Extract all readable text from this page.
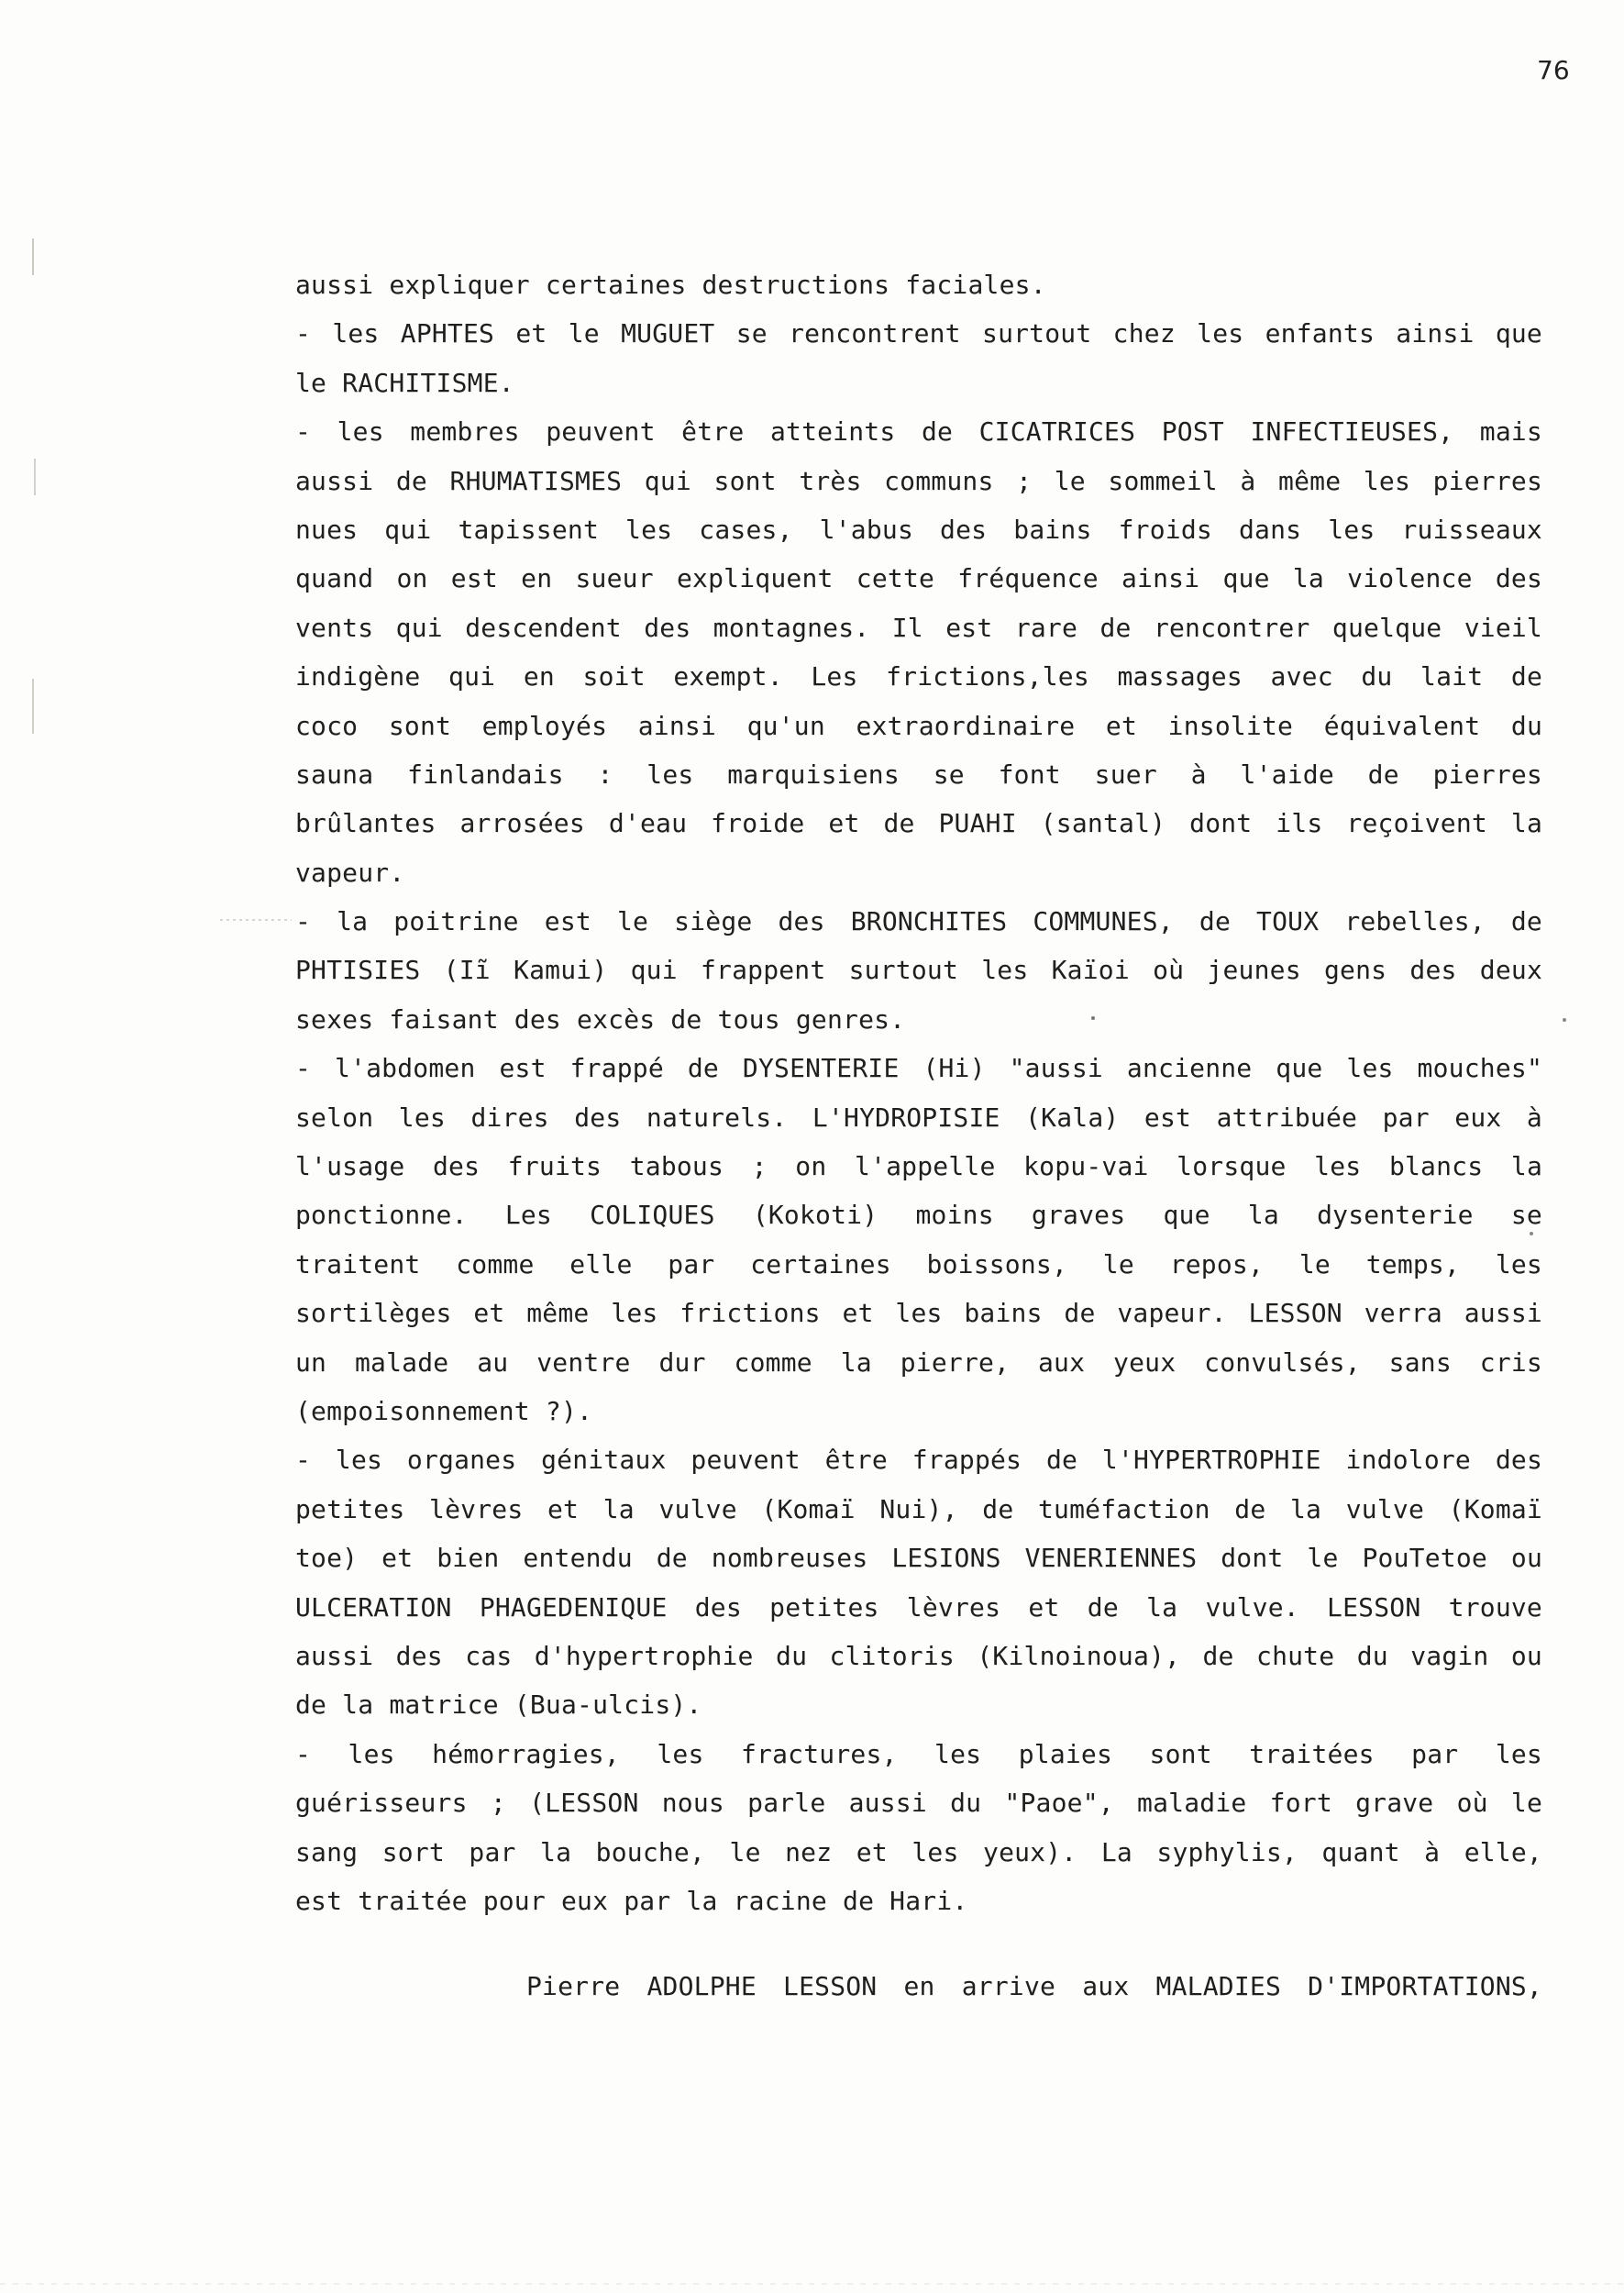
76
aussi expliquer certaines destructions faciales.
- les APHTES et le MUGUET se rencontrent surtout chez les enfants ainsi que
le RACHITISME.
- les membres peuvent être atteints de CICATRICES POST INFECTIEUSES, mais
aussi de RHUMATISMES qui sont très communs ; le sommeil à même les pierres
nues qui tapissent les cases, l'abus des bains froids dans les ruisseaux
quand on est en sueur expliquent cette fréquence ainsi que la violence des
vents qui descendent des montagnes. Il est rare de rencontrer quelque vieil
indigène qui en soit exempt. Les frictions,les massages avec du lait de
coco sont employés ainsi qu'un extraordinaire et insolite équivalent du
sauna finlandais : les marquisiens se font suer à l'aide de pierres
brûlantes arrosées d'eau froide et de PUAHI (santal) dont ils reçoivent la
vapeur.
- la poitrine est le siège des BRONCHITES COMMUNES, de TOUX rebelles, de
PHTISIES (Iĩ Kamui) qui frappent surtout les Kaïoi où jeunes gens des deux
sexes faisant des excès de tous genres.
- l'abdomen est frappé de DYSENTERIE (Hi) "aussi ancienne que les mouches"
selon les dires des naturels. L'HYDROPISIE (Kala) est attribuée par eux à
l'usage des fruits tabous ; on l'appelle kopu-vai lorsque les blancs la
ponctionne. Les COLIQUES (Kokoti) moins graves que la dysenterie se
traitent comme elle par certaines boissons, le repos, le temps, les
sortilèges et même les frictions et les bains de vapeur. LESSON verra aussi
un malade au ventre dur comme la pierre, aux yeux convulsés, sans cris
(empoisonnement ?).
- les organes génitaux peuvent être frappés de l'HYPERTROPHIE indolore des
petites lèvres et la vulve (Komaï Nui), de tuméfaction de la vulve (Komaï
toe) et bien entendu de nombreuses LESIONS VENERIENNES dont le PouTetoe ou
ULCERATION PHAGEDENIQUE des petites lèvres et de la vulve. LESSON trouve
aussi des cas d'hypertrophie du clitoris (Kilnoinoua), de chute du vagin ou
de la matrice (Bua-ulcis).
- les hémorragies, les fractures, les plaies sont traitées par les
guérisseurs ; (LESSON nous parle aussi du "Paoe", maladie fort grave où le
sang sort par la bouche, le nez et les yeux). La syphylis, quant à elle,
est traitée pour eux par la racine de Hari.
Pierre ADOLPHE LESSON en arrive aux MALADIES D'IMPORTATIONS,
